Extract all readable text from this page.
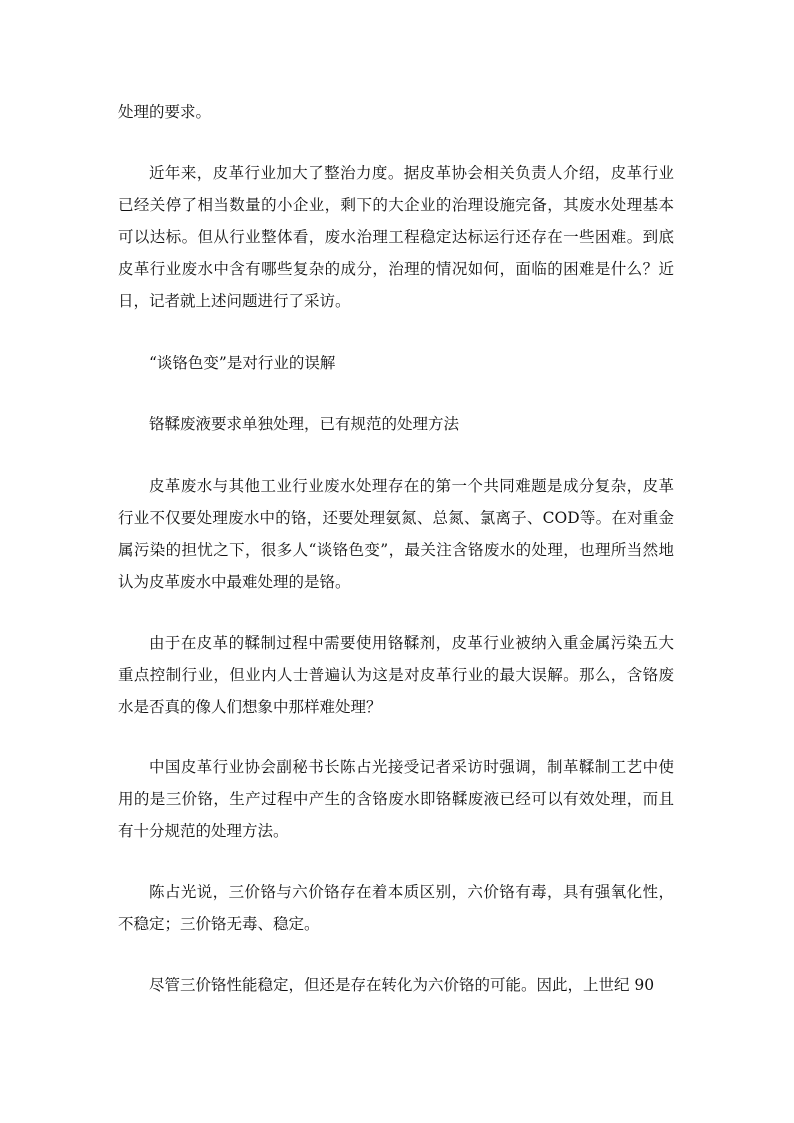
处理的要求。

近年来，皮革行业加大了整治力度。据皮革协会相关负责人介绍，皮革行业已经关停了相当数量的小企业，剩下的大企业的治理设施完备，其废水处理基本可以达标。但从行业整体看，废水治理工程稳定达标运行还存在一些困难。到底皮革行业废水中含有哪些复杂的成分，治理的情况如何，面临的困难是什么？近日，记者就上述问题进行了采访。

“谈铬色变”是对行业的误解

铬鞣废液要求单独处理，已有规范的处理方法

皮革废水与其他工业行业废水处理存在的第一个共同难题是成分复杂，皮革行业不仅要处理废水中的铬，还要处理氨氮、总氮、氯离子、COD等。在对重金属污染的担忧之下，很多人“谈铬色变”，最关注含铬废水的处理，也理所当然地认为皮革废水中最难处理的是铬。

由于在皮革的鞣制过程中需要使用铬鞣剂，皮革行业被纳入重金属污染五大重点控制行业，但业内人士普遍认为这是对皮革行业的最大误解。那么，含铬废水是否真的像人们想象中那样难处理？

中国皮革行业协会副秘书长陈占光接受记者采访时强调，制革鞣制工艺中使用的是三价铬，生产过程中产生的含铬废水即铬鞣废液已经可以有效处理，而且有十分规范的处理方法。

陈占光说，三价铬与六价铬存在着本质区别，六价铬有毒，具有强氧化性，不稳定；三价铬无毒、稳定。

尽管三价铬性能稳定，但还是存在转化为六价铬的可能。因此，上世纪 90
